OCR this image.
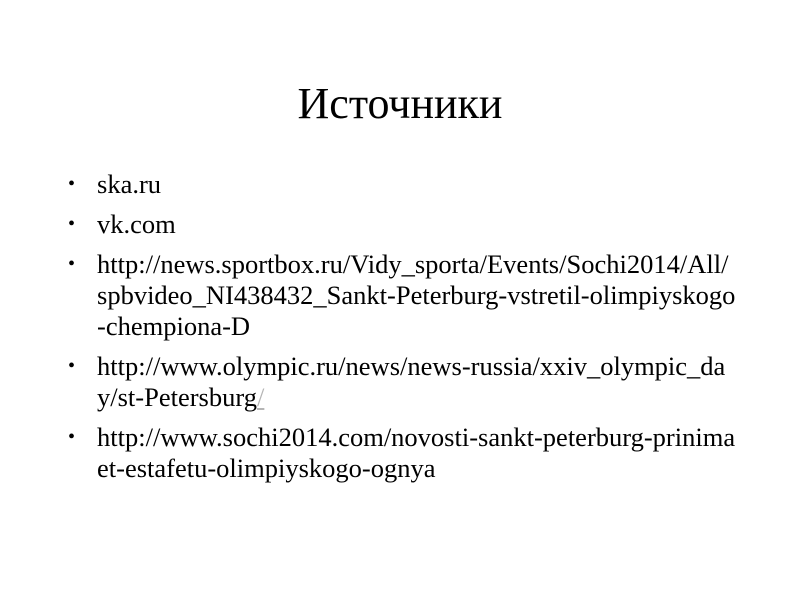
Источники
• ska.ru
• vk.com
• http://news.sportbox.ru/Vidy_sporta/Events/Sochi2014/All/spbvideo_NI438432_Sankt-Peterburg-vstretil-olimpiyskogo-chempiona-D
• http://www.olympic.ru/news/news-russia/xxiv_olympic_day/st-Petersburg/
• http://www.sochi2014.com/novosti-sankt-peterburg-prinimaet-estafetu-olimpiyskogo-ognya
